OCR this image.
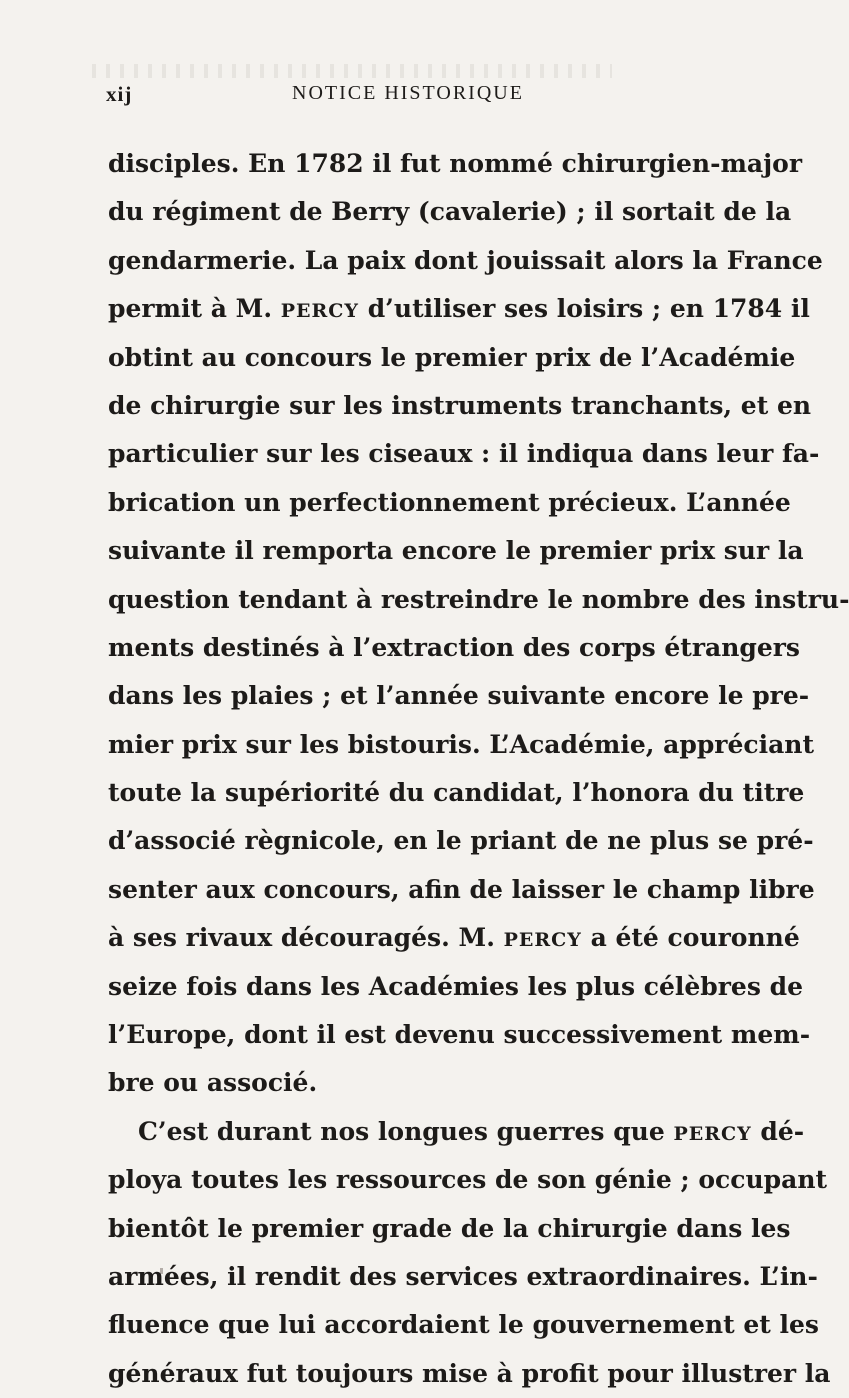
xij	NOTICE HISTORIQUE
disciples. En 1782 il fut nommé chirurgien-major
du régiment de Berry (cavalerie) ; il sortait de la
gendarmerie. La paix dont jouissait alors la France
permit à M. PERCY d’utiliser ses loisirs ; en 1784 il
obtint au concours le premier prix de l’Académie
de chirurgie sur les instruments tranchants, et en
particulier sur les ciseaux : il indiqua dans leur fa-
brication un perfectionnement précieux. L’année
suivante il remporta encore le premier prix sur la
question tendant à restreindre le nombre des instru-
ments destinés à l’extraction des corps étrangers
dans les plaies ; et l’année suivante encore le pre-
mier prix sur les bistouris. L’Académie, appréciant
toute la supériorité du candidat, l’honora du titre
d’associé règnicole, en le priant de ne plus se pré-
senter aux concours, afin de laisser le champ libre
à ses rivaux découragés. M. PERCY a été couronné
seize fois dans les Académies les plus célèbres de
l’Europe, dont il est devenu successivement mem-
bre ou associé.
C’est durant nos longues guerres que PERCY dé-
ploya toutes les ressources de son génie ; occupant
bientôt le premier grade de la chirurgie dans les
armées, il rendit des services extraordinaires. L’in-
fluence que lui accordaient le gouvernement et les
généraux fut toujours mise à profit pour illustrer la
